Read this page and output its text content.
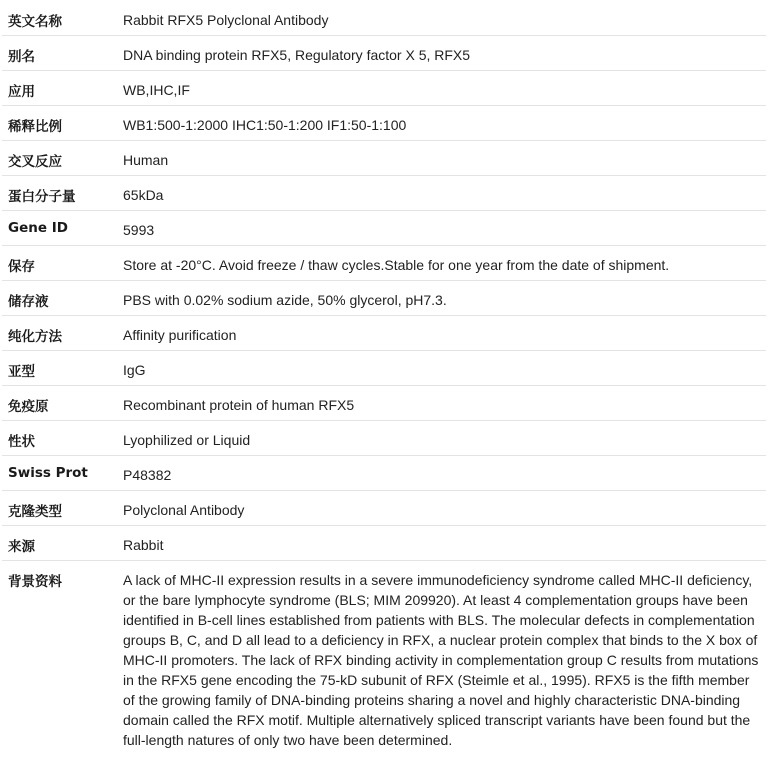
英文名称	Rabbit RFX5 Polyclonal Antibody
别名	DNA binding protein RFX5, Regulatory factor X 5, RFX5
应用	WB,IHC,IF
稀释比例	WB1:500-1:2000 IHC1:50-1:200 IF1:50-1:100
交叉反应	Human
蛋白分子量	65kDa
Gene ID	5993
保存	Store at -20°C. Avoid freeze / thaw cycles.Stable for one year from the date of shipment.
储存液	PBS with 0.02% sodium azide, 50% glycerol, pH7.3.
纯化方法	Affinity purification
亚型	IgG
免疫原	Recombinant protein of human RFX5
性状	Lyophilized or Liquid
Swiss Prot	P48382
克隆类型	Polyclonal Antibody
来源	Rabbit
背景资料	A lack of MHC-II expression results in a severe immunodeficiency syndrome called MHC-II deficiency, or the bare lymphocyte syndrome (BLS; MIM 209920). At least 4 complementation groups have been identified in B-cell lines established from patients with BLS. The molecular defects in complementation groups B, C, and D all lead to a deficiency in RFX, a nuclear protein complex that binds to the X box of MHC-II promoters. The lack of RFX binding activity in complementation group C results from mutations in the RFX5 gene encoding the 75-kD subunit of RFX (Steimle et al., 1995). RFX5 is the fifth member of the growing family of DNA-binding proteins sharing a novel and highly characteristic DNA-binding domain called the RFX motif. Multiple alternatively spliced transcript variants have been found but the full-length natures of only two have been determined.
